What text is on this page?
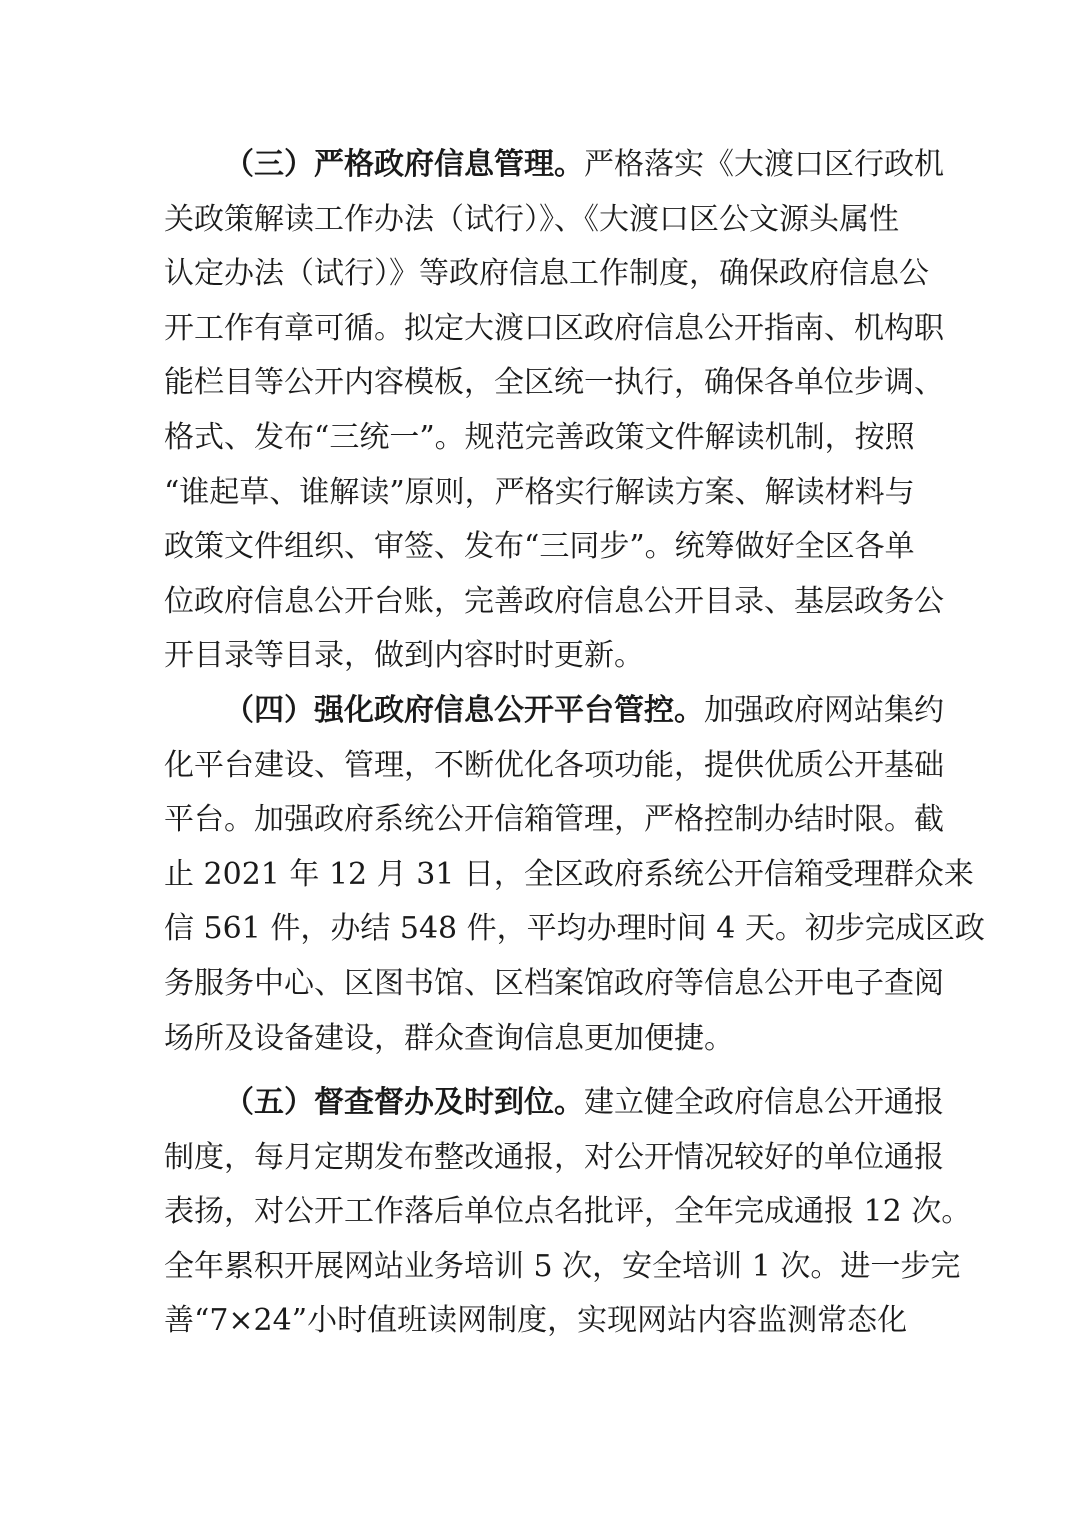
（三）严格政府信息管理。严格落实《大渡口区行政机
关政策解读工作办法（试行）》、《大渡口区公文源头属性
认定办法（试行）》等政府信息工作制度，确保政府信息公
开工作有章可循。拟定大渡口区政府信息公开指南、机构职
能栏目等公开内容模板，全区统一执行，确保各单位步调、
格式、发布“三统一”。规范完善政策文件解读机制，按照
“谁起草、谁解读”原则，严格实行解读方案、解读材料与
政策文件组织、审签、发布“三同步”。统筹做好全区各单
位政府信息公开台账，完善政府信息公开目录、基层政务公
开目录等目录，做到内容时时更新。
（四）强化政府信息公开平台管控。加强政府网站集约
化平台建设、管理，不断优化各项功能，提供优质公开基础
平台。加强政府系统公开信箱管理，严格控制办结时限。截
止 2021 年 12 月 31 日，全区政府系统公开信箱受理群众来
信 561 件，办结 548 件，平均办理时间 4 天。初步完成区政
务服务中心、区图书馆、区档案馆政府等信息公开电子查阅
场所及设备建设，群众查询信息更加便捷。
（五）督查督办及时到位。建立健全政府信息公开通报
制度，每月定期发布整改通报，对公开情况较好的单位通报
表扬，对公开工作落后单位点名批评，全年完成通报 12 次。
全年累积开展网站业务培训 5 次，安全培训 1 次。进一步完
善“7×24”小时值班读网制度，实现网站内容监测常态化
